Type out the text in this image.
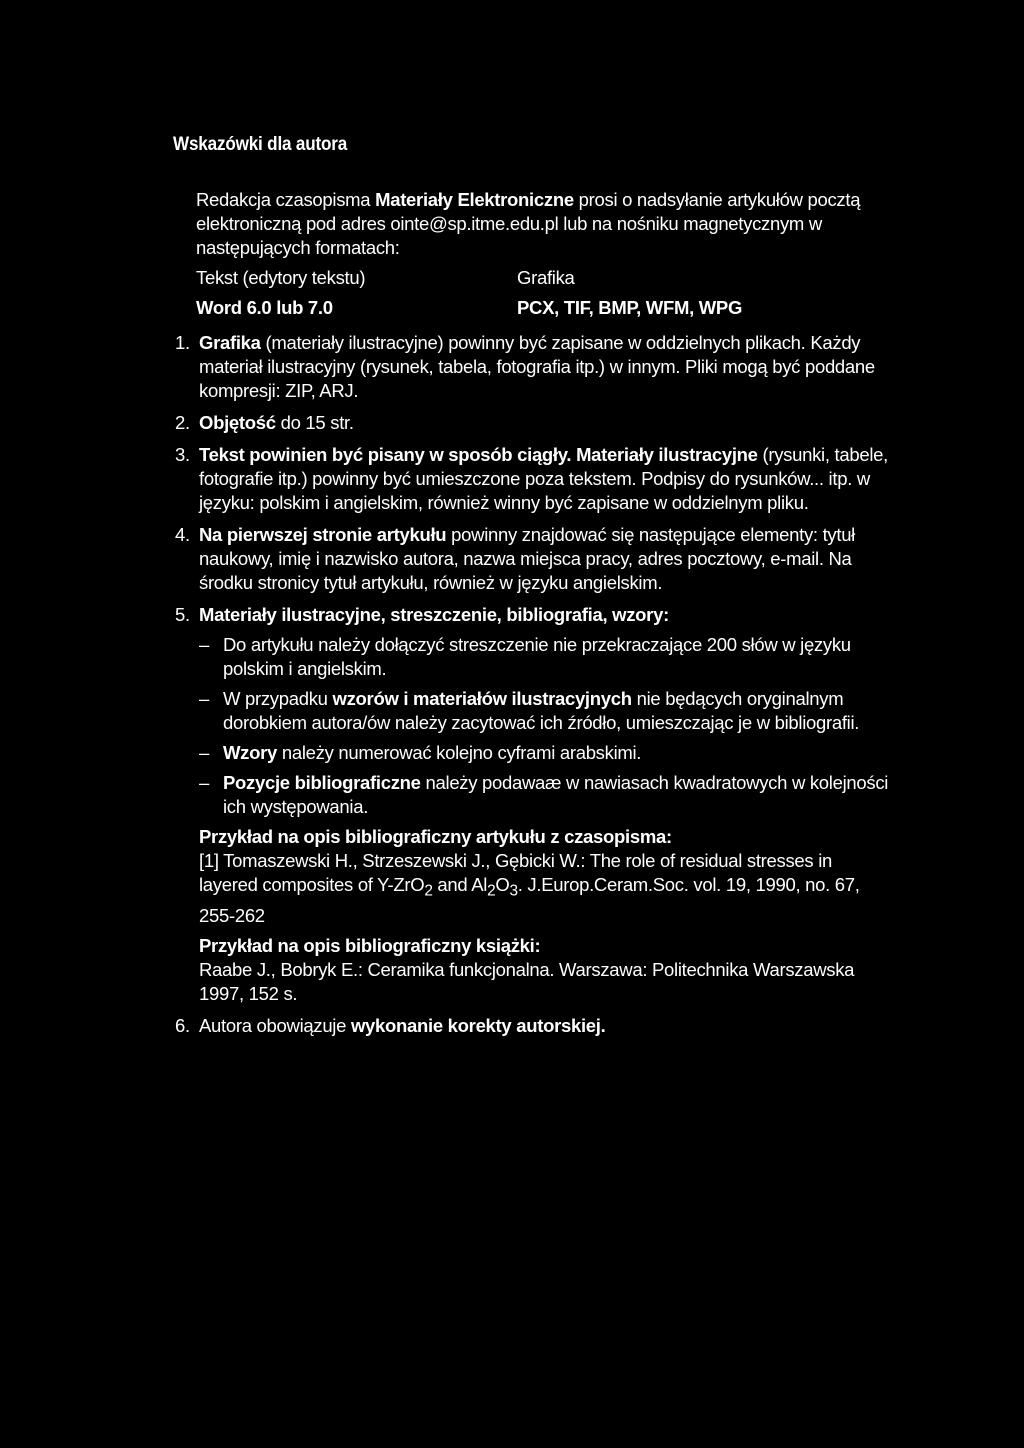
Wskazówki dla autora
Redakcja czasopisma Materiały Elektroniczne prosi o nadsyłanie artykułów pocztą elektroniczną pod adres ointe@sp.itme.edu.pl lub na nośniku magnetycznym w następujących formatach:
Tekst (edytory tekstu)	Grafika
Word 6.0 lub 7.0	PCX, TIF, BMP, WFM, WPG
1. Grafika (materiały ilustracyjne) powinny być zapisane w oddzielnych plikach. Każdy materiał ilustracyjny (rysunek, tabela, fotografia itp.) w innym. Pliki mogą być poddane kompresji: ZIP, ARJ.
2. Objętość do 15 str.
3. Tekst powinien być pisany w sposób ciągły. Materiały ilustracyjne (rysunki, tabele, fotografie itp.) powinny być umieszczone poza tekstem. Podpisy do rysunków... itp. w języku: polskim i angielskim, również winny być zapisane w oddzielnym pliku.
4. Na pierwszej stronie artykułu powinny znajdować się następujące elementy: tytuł naukowy, imię i nazwisko autora, nazwa miejsca pracy, adres pocztowy, e-mail. Na środku stronicy tytuł artykułu, również w języku angielskim.
5. Materiały ilustracyjne, streszczenie, bibliografia, wzory:
– Do artykułu należy dołączyć streszczenie nie przekraczające 200 słów w języku polskim i angielskim.
– W przypadku wzorów i materiałów ilustracyjnych nie będących oryginalnym dorobkiem autora/ów należy zacytować ich źródło, umieszczając je w bibliografii.
– Wzory należy numerować kolejno cyframi arabskimi.
– Pozycje bibliograficzne należy podawaæ w nawiasach kwadratowych w kolejności ich występowania.
Przykład na opis bibliograficzny artykułu z czasopisma:
[1] Tomaszewski H., Strzeszewski J., Gębicki W.: The role of residual stresses in layered composites of Y-ZrO$_2$ and $Al_2O_3$. J.Europ.Ceram.Soc. vol. 19, 1990, no. 67, 255-262
Przykład na opis bibliograficzny książki:
Raabe J., Bobryk E.: Ceramika funkcjonalna. Warszawa: Politechnika Warszawska 1997, 152 s.
6. Autora obowiązuje wykonanie korekty autorskiej.
